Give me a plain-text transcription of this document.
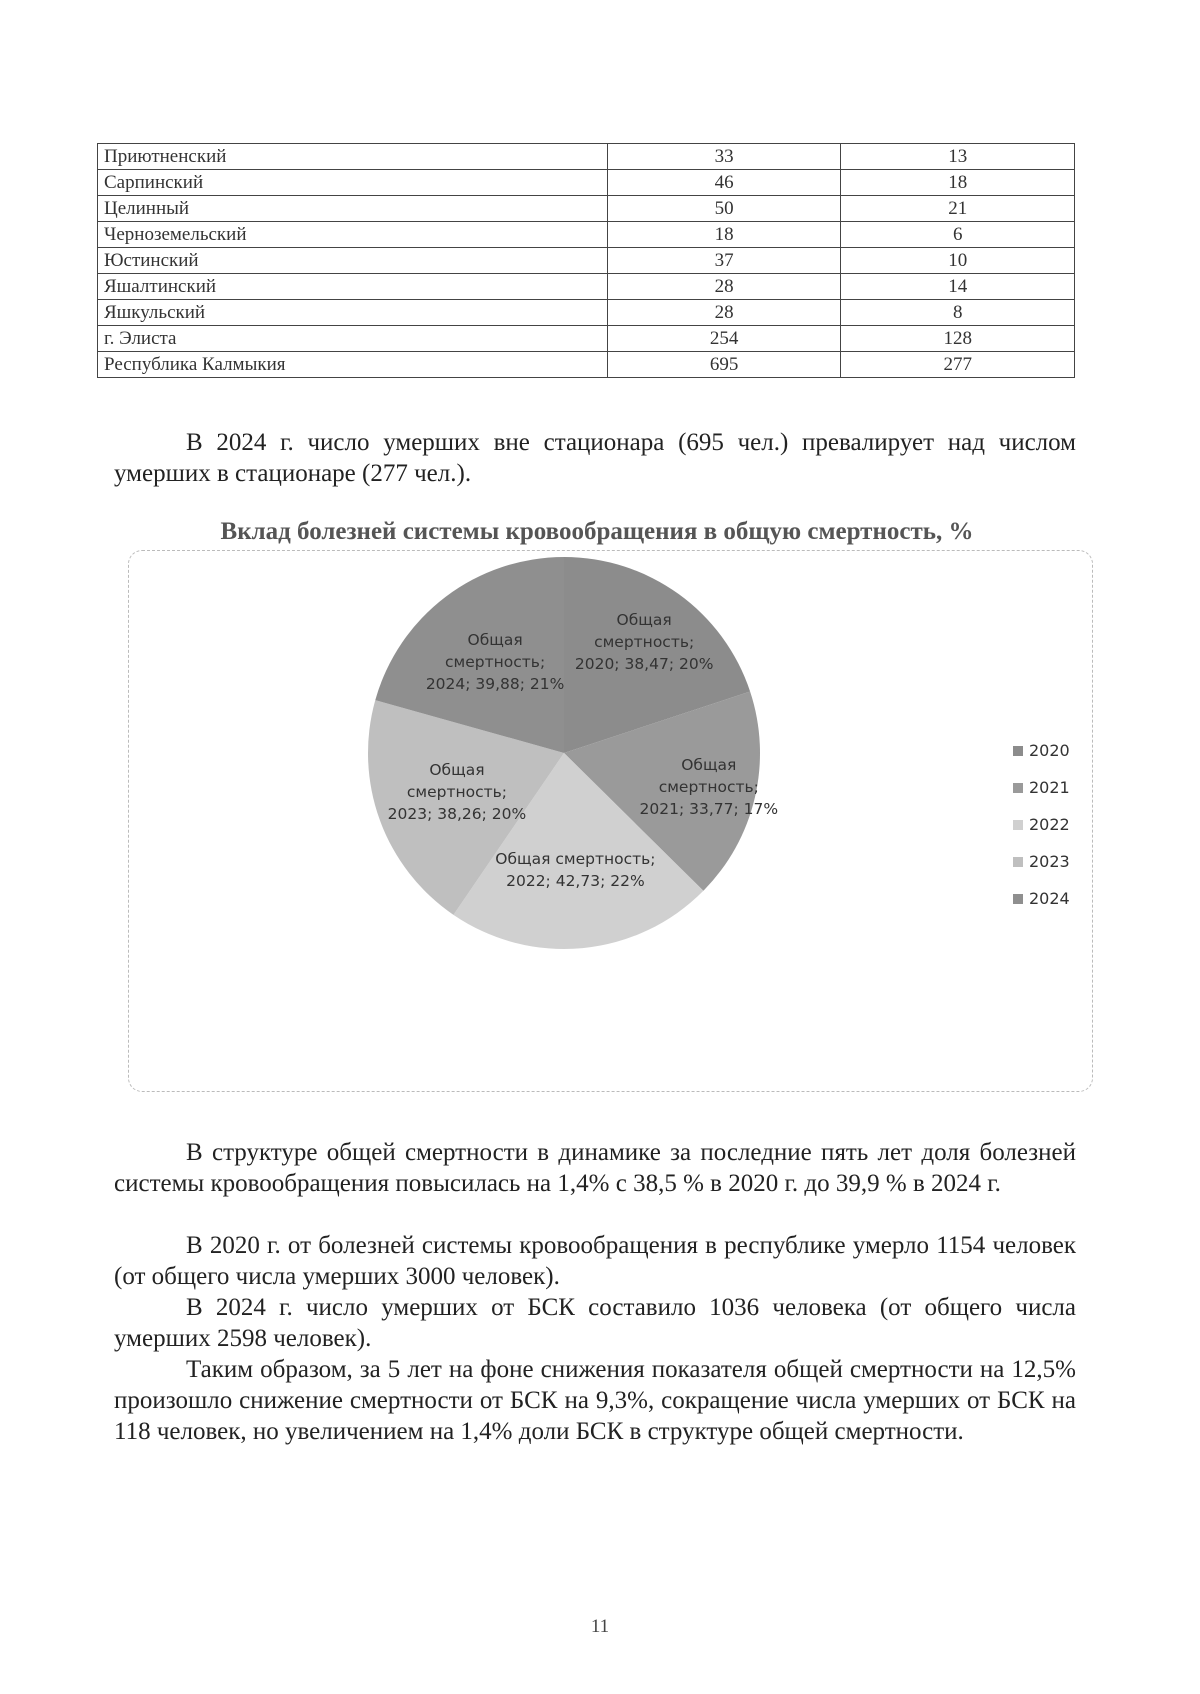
Приютненский	33	13
Сарпинский	46	18
Целинный	50	21
Черноземельский	18	6
Юстинский	37	10
Яшалтинский	28	14
Яшкульский	28	8
г. Элиста	254	128
Республика Калмыкия	695	277

В 2024 г. число умерших вне стационара (695 чел.) превалирует над числом умерших в стационаре (277 чел.).

Вклад болезней системы кровообращения в общую смертность, %
Общая
смертность;
2020; 38,47; 20%
Общая
смертность;
2021; 33,77; 17%
Общая смертность;
2022; 42,73; 22%
Общая
смертность;
2023; 38,26; 20%
Общая
смертность;
2024; 39,88; 21%
2020
2021
2022
2023
2024

В структуре общей смертности в динамике за последние пять лет доля болезней системы кровообращения повысилась на 1,4% с 38,5 % в 2020 г. до 39,9 % в 2024 г.

В 2020 г. от болезней системы кровообращения в республике умерло 1154 человек (от общего числа умерших 3000 человек).

В 2024 г. число умерших от БСК составило 1036 человека (от общего числа умерших 2598 человек).

Таким образом, за 5 лет на фоне снижения показателя общей смертности на 12,5% произошло снижение смертности от БСК на 9,3%, сокращение числа умерших от БСК на 118 человек, но увеличением на 1,4% доли БСК в структуре общей смертности.

11
